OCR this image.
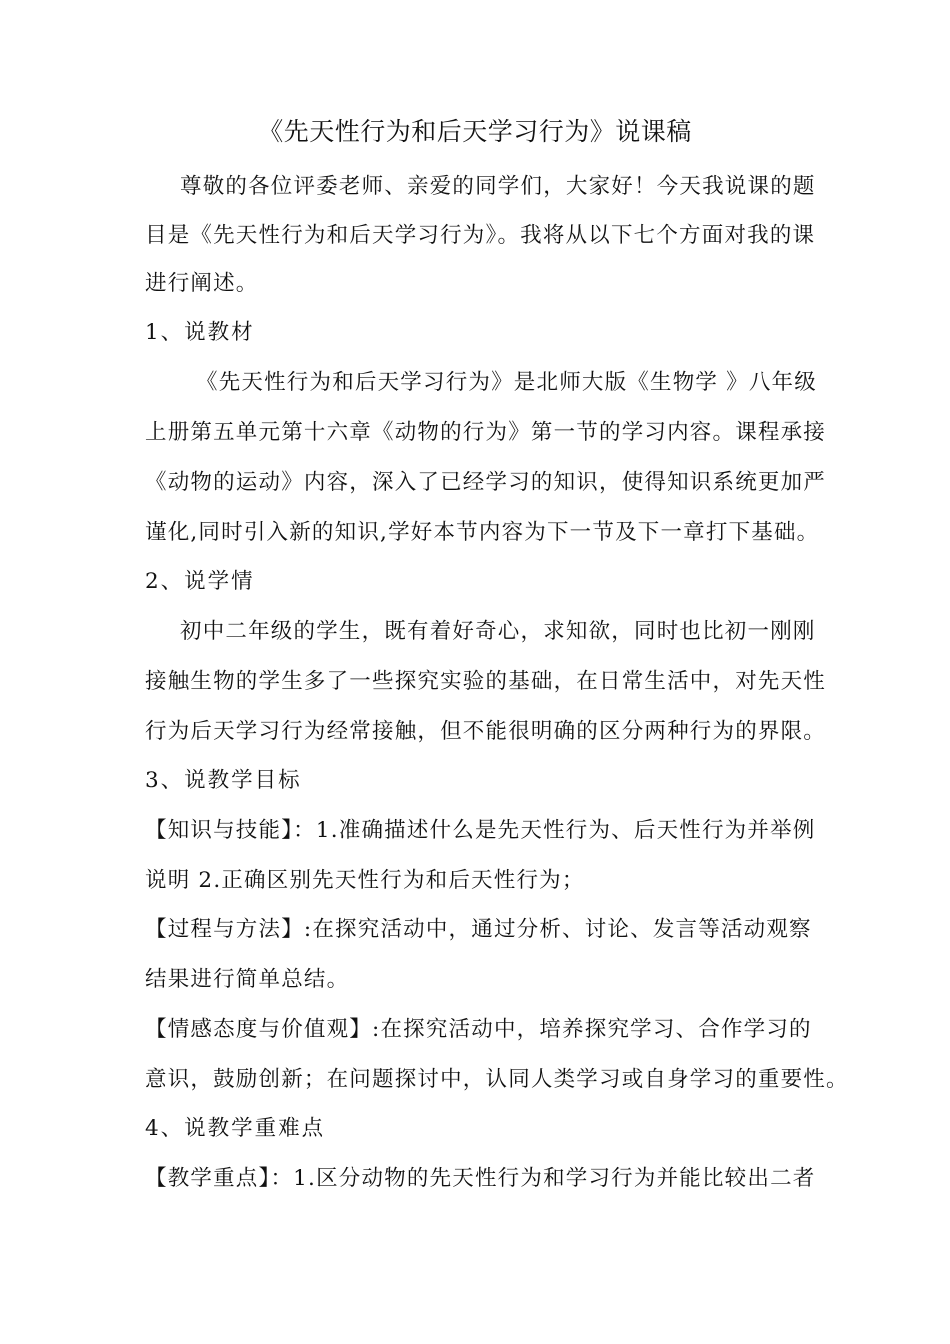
《先天性行为和后天学习行为》说课稿
尊敬的各位评委老师、亲爱的同学们，大家好！今天我说课的题
目是《先天性行为和后天学习行为》。我将从以下七个方面对我的课
进行阐述。
1、说教材
《先天性行为和后天学习行为》是北师大版《生物学 》八年级
上册第五单元第十六章《动物的行为》第一节的学习内容。课程承接
《动物的运动》内容，深入了已经学习的知识，使得知识系统更加严
谨化,同时引入新的知识,学好本节内容为下一节及下一章打下基础。
2、说学情
初中二年级的学生，既有着好奇心，求知欲，同时也比初一刚刚
接触生物的学生多了一些探究实验的基础，在日常生活中，对先天性
行为后天学习行为经常接触，但不能很明确的区分两种行为的界限。
3、说教学目标
【知识与技能】：1.准确描述什么是先天性行为、后天性行为并举例
说明 2.正确区别先天性行为和后天性行为；
【过程与方法】:在探究活动中，通过分析、讨论、发言等活动观察
结果进行简单总结。
【情感态度与价值观】:在探究活动中，培养探究学习、合作学习的
意识，鼓励创新；在问题探讨中，认同人类学习或自身学习的重要性。
4、说教学重难点
【教学重点】：1.区分动物的先天性行为和学习行为并能比较出二者
